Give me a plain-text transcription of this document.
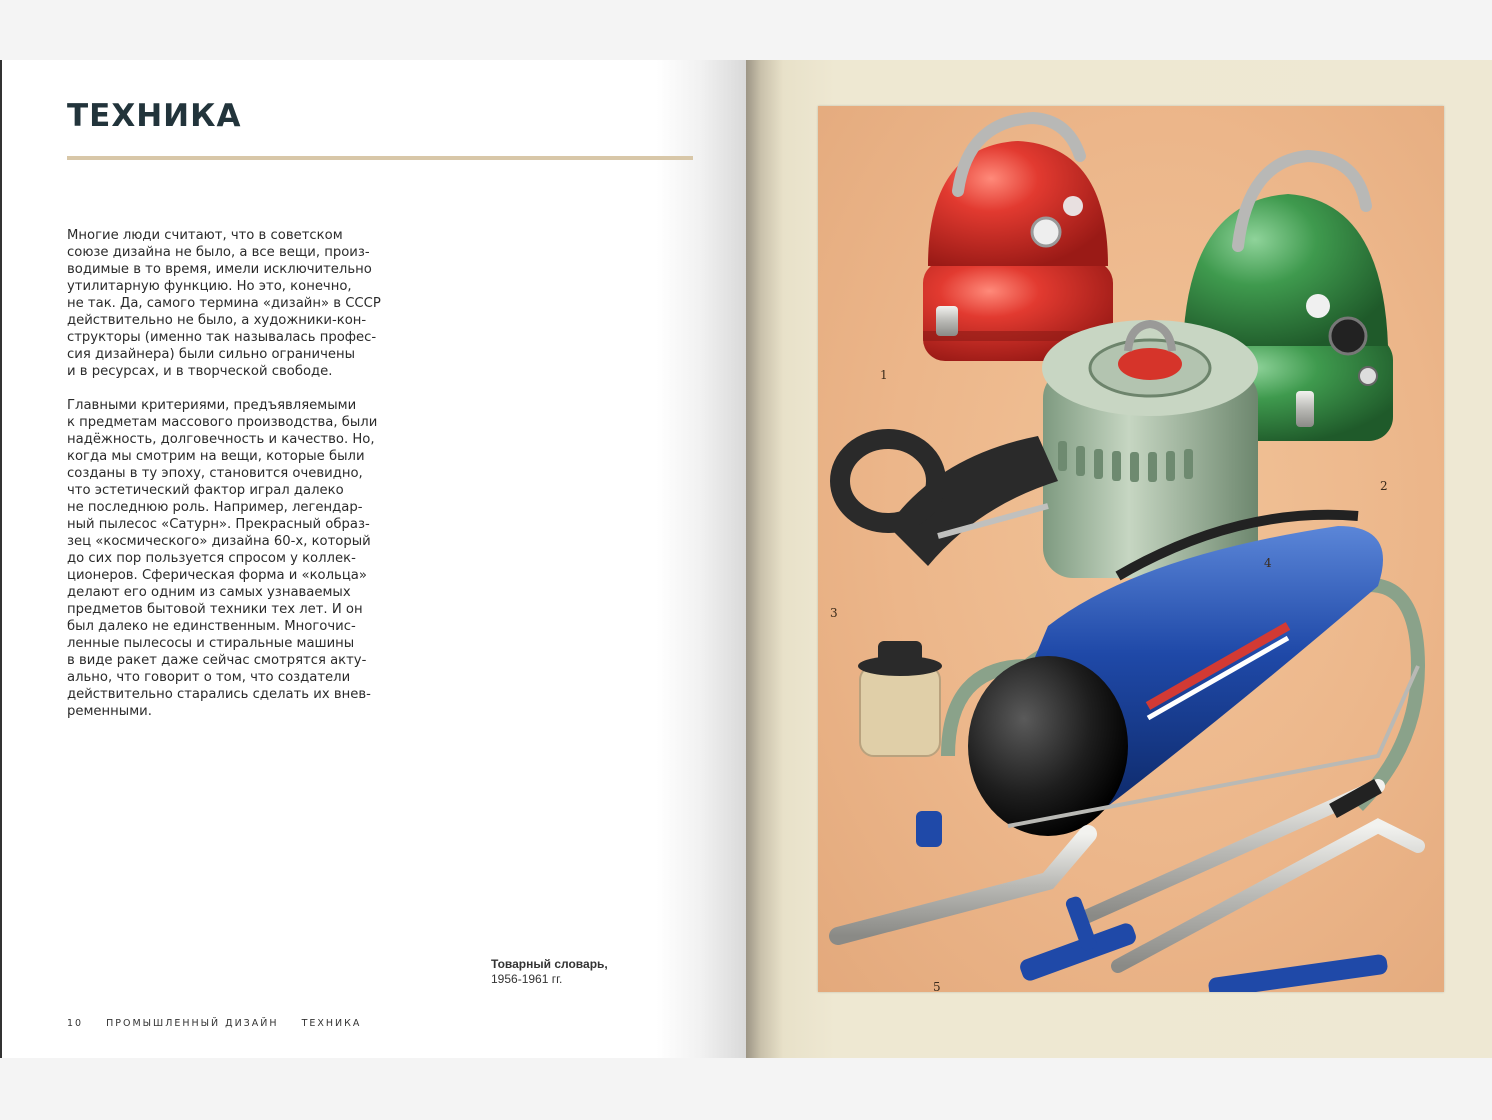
ТЕХНИКА

Многие люди считают, что в советском
союзе дизайна не было, а все вещи, произ-
водимые в то время, имели исключительно
утилитарную функцию. Но это, конечно,
не так. Да, самого термина «дизайн» в СССР
действительно не было, а художники-кон-
структоры (именно так называлась профес-
сия дизайнера) были сильно ограничены
и в ресурсах, и в творческой свободе.

Главными критериями, предъявляемыми
к предметам массового производства, были
надёжность, долговечность и качество. Но,
когда мы смотрим на вещи, которые были
созданы в ту эпоху, становится очевидно,
что эстетический фактор играл далеко
не последнюю роль. Например, легендар-
ный пылесос «Сатурн». Прекрасный образ-
зец «космического» дизайна 60-х, который
до сих пор пользуется спросом у коллек-
ционеров. Сферическая форма и «кольца»
делают его одним из самых узнаваемых
предметов бытовой техники тех лет. И он
был далеко не единственным. Многочис-
ленные пылесосы и стиральные машины
в виде ракет даже сейчас смотрятся акту-
ально, что говорит о том, что создатели
действительно старались сделать их внев-
ременными.

Товарный словарь,
1956-1961 гг.
10 ПРОМЫШЛЕННЫЙ ДИЗАЙН ТЕХНИКА
1
2
3
4
5
